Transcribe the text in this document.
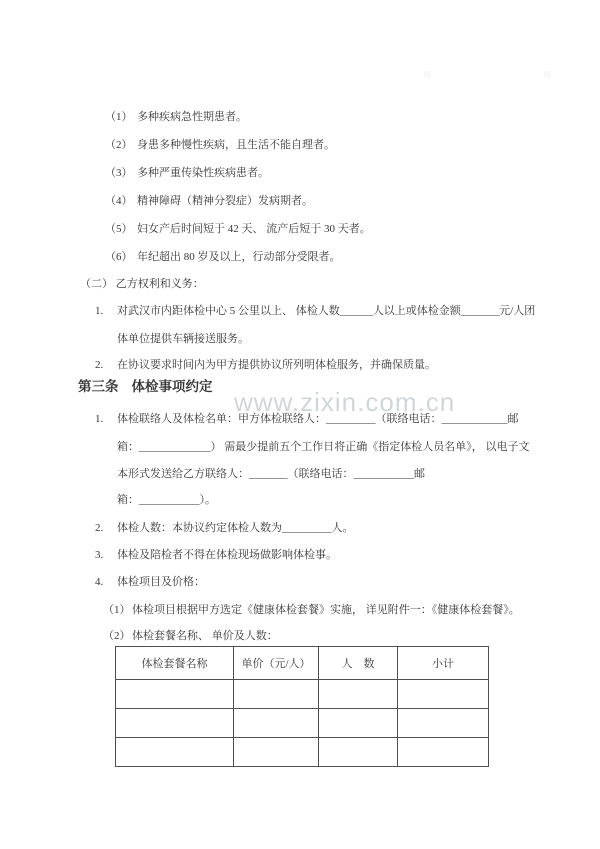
www.zixin.com.cn
（1） 多种疾病急性期患者。
（2） 身患多种慢性疾病，且生活不能自理者。
（3） 多种严重传染性疾病患者。
（4） 精神障碍（精神分裂症）发病期者。
（5） 妇女产后时间短于 42 天、 流产后短于 30 天者。
（6） 年纪超出 80 岁及以上，行动部分受限者。
（二） 乙方权利和义务：
1. 对武汉市内距体检中心 5 公里以上、 体检人数______人以上或体检金额_______元/人团
体单位提供车辆接送服务。
2. 在协议要求时间内为甲方提供协议所列明体检服务，并确保质量。
第三条 体检事项约定
1. 体检联络人及体检名单：甲方体检联络人：_________（联络电话：____________邮
箱：_____________） 需最少提前五个工作日将正确《指定体检人员名单》， 以电子文
本形式发送给乙方联络人：_______（联络电话：___________邮
箱：___________）。
2. 体检人数：本协议约定体检人数为_________人。
3. 体检及陪检者不得在体检现场做影响体检事。
4. 体检项目及价格：
（1） 体检项目根据甲方选定《健康体检套餐》实施， 详见附件一：《健康体检套餐》。
（2） 体检套餐名称、 单价及人数：
体检套餐名称	单价（元/人）	人　数	小计
